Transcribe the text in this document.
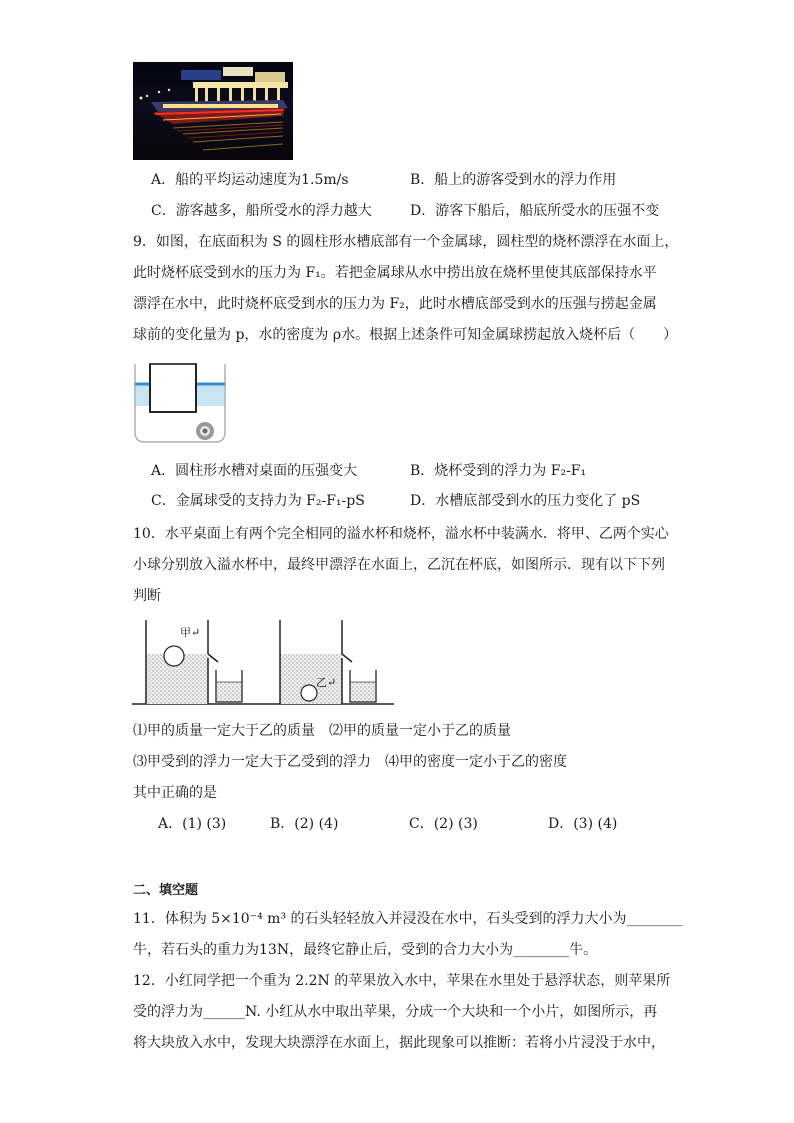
A．船的平均运动速度为1.5m/s	B．船上的游客受到水的浮力作用
C．游客越多，船所受水的浮力越大	D．游客下船后，船底所受水的压强不变
9．如图，在底面积为 S 的圆柱形水槽底部有一个金属球，圆柱型的烧杯漂浮在水面上，
此时烧杯底受到水的压力为 F₁。若把金属球从水中捞出放在烧杯里使其底部保持水平
漂浮在水中，此时烧杯底受到水的压力为 F₂，此时水槽底部受到水的压强与捞起金属
球前的变化量为 p，水的密度为 ρ水。根据上述条件可知金属球捞起放入烧杯后（　　）
A．圆柱形水槽对桌面的压强变大	B．烧杯受到的浮力为 F₂-F₁
C．金属球受的支持力为 F₂-F₁-pS	D．水槽底部受到水的压力变化了 pS
10．水平桌面上有两个完全相同的溢水杯和烧杯，溢水杯中装满水．将甲、乙两个实心
小球分别放入溢水杯中，最终甲漂浮在水面上，乙沉在杯底，如图所示．现有以下下列
判断
甲↵
乙↵
⑴甲的质量一定大于乙的质量　⑵甲的质量一定小于乙的质量
⑶甲受到的浮力一定大于乙受到的浮力　⑷甲的密度一定小于乙的密度
其中正确的是
A．(1) (3)	B．(2) (4)	C．(2) (3)	D．(3) (4)
二、填空题
11．体积为 5×10⁻⁴ m³ 的石头轻轻放入并浸没在水中，石头受到的浮力大小为________
牛，若石头的重力为13N，最终它静止后，受到的合力大小为________牛。
12．小红同学把一个重为 2.2N 的苹果放入水中，苹果在水里处于悬浮状态，则苹果所
受的浮力为______N. 小红从水中取出苹果，分成一个大块和一个小片，如图所示，再
将大块放入水中，发现大块漂浮在水面上，据此现象可以推断：若将小片浸没于水中，
